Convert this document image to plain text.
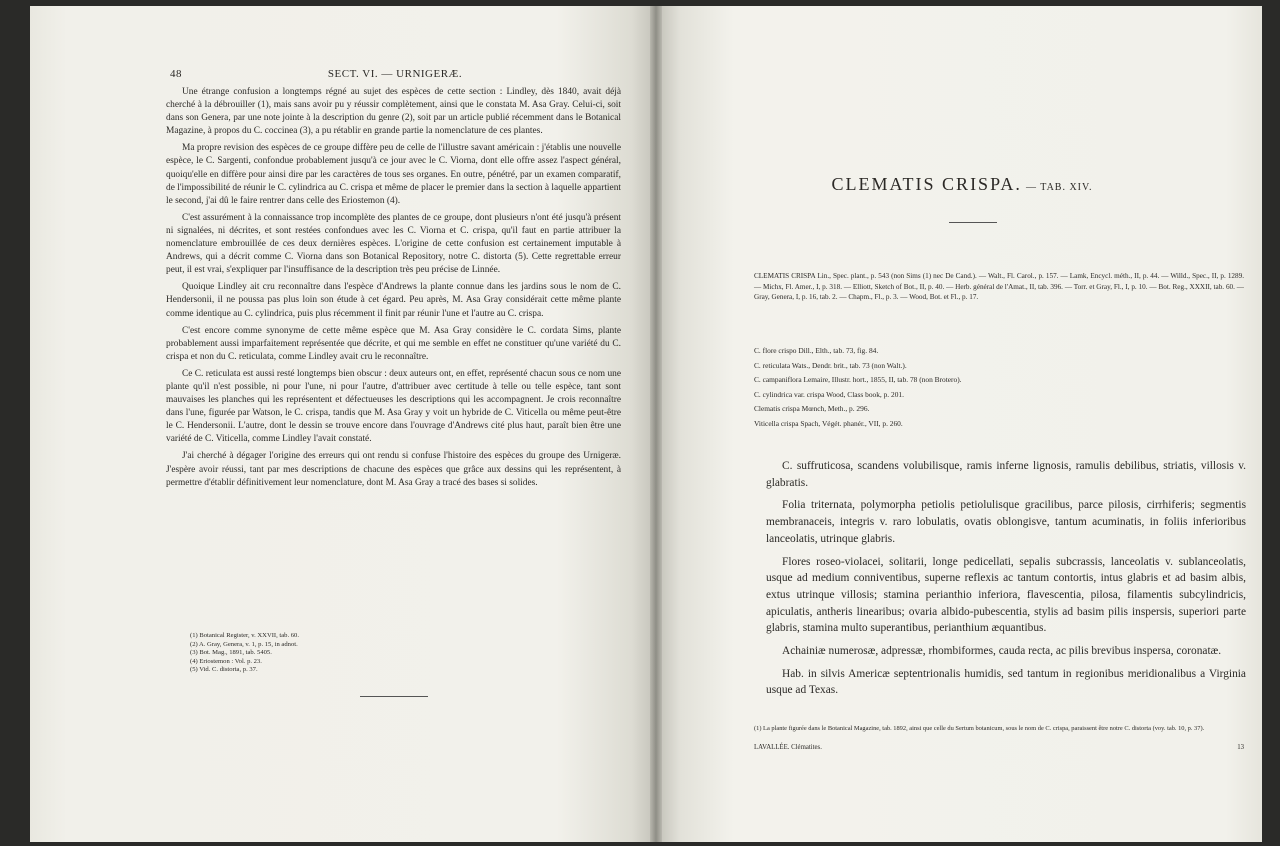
48	SECT. VI. — URNIGERÆ.

Une étrange confusion a longtemps régné au sujet des espèces de cette section : Lindley, dès 1840, avait déjà cherché à la débrouiller (1), mais sans avoir pu y réussir complètement, ainsi que le constata M. Asa Gray. Celui-ci, soit dans son Genera, par une note jointe à la description du genre (2), soit par un article publié récemment dans le Botanical Magazine, à propos du C. coccinea (3), a pu rétablir en grande partie la nomenclature de ces plantes.

Ma propre revision des espèces de ce groupe diffère peu de celle de l'illustre savant américain : j'établis une nouvelle espèce, le C. Sargenti, confondue probablement jusqu'à ce jour avec le C. Viorna, dont elle offre assez l'aspect général, quoiqu'elle en diffère pour ainsi dire par les caractères de tous ses organes. En outre, pénétré, par un examen comparatif, de l'impossibilité de réunir le C. cylindrica au C. crispa et même de placer le premier dans la section à laquelle appartient le second, j'ai dû le faire rentrer dans celle des Eriostemon (4).

C'est assurément à la connaissance trop incomplète des plantes de ce groupe, dont plusieurs n'ont été jusqu'à présent ni signalées, ni décrites, et sont restées confondues avec les C. Viorna et C. crispa, qu'il faut en partie attribuer la nomenclature embrouillée de ces deux dernières espèces. L'origine de cette confusion est certainement imputable à Andrews, qui a décrit comme C. Viorna dans son Botanical Repository, notre C. distorta (5). Cette regrettable erreur peut, il est vrai, s'expliquer par l'insuffisance de la description très peu précise de Linnée.

Quoique Lindley ait cru reconnaître dans l'espèce d'Andrews la plante connue dans les jardins sous le nom de C. Hendersonii, il ne poussa pas plus loin son étude à cet égard. Peu après, M. Asa Gray considérait cette même plante comme identique au C. cylindrica, puis plus récemment il finit par réunir l'une et l'autre au C. crispa.

C'est encore comme synonyme de cette même espèce que M. Asa Gray considère le C. cordata Sims, plante probablement aussi imparfaitement représentée que décrite, et qui me semble en effet ne constituer qu'une variété du C. crispa et non du C. reticulata, comme Lindley avait cru le reconnaître.

Ce C. reticulata est aussi resté longtemps bien obscur : deux auteurs ont, en effet, représenté chacun sous ce nom une plante qu'il n'est possible, ni pour l'une, ni pour l'autre, d'attribuer avec certitude à telle ou telle espèce, tant sont mauvaises les planches qui les représentent et défectueuses les descriptions qui les accompagnent. Je crois reconnaître dans l'une, figurée par Watson, le C. crispa, tandis que M. Asa Gray y voit un hybride de C. Viticella ou même peut-être le C. Hendersonii. L'autre, dont le dessin se trouve encore dans l'ouvrage d'Andrews cité plus haut, paraît bien être une variété de C. Viticella, comme Lindley l'avait constaté.

J'ai cherché à dégager l'origine des erreurs qui ont rendu si confuse l'histoire des espèces du groupe des Urnigeræ. J'espère avoir réussi, tant par mes descriptions de chacune des espèces que grâce aux dessins qui les représentent, à permettre d'établir définitivement leur nomenclature, dont M. Asa Gray a tracé des bases si solides.

(1) Botanical Register, v. XXVII, tab. 60.
(2) A. Gray, Genera, v. 1, p. 15, in adnot.
(3) Bot. Mag., 1891, tab. 5405.
(4) Eriostemon : Vol. p. 23.
(5) Vid. C. distorta, p. 37.
CLEMATIS CRISPA. — TAB. XIV.
CLEMATIS CRISPA Lin., Spec. plant., p. 543 (non Sims (1) nec De Cand.). — Walt., Fl. Carol., p. 157. — Lamk, Encycl. méth., II, p. 44. — Willd., Spec., II, p. 1289. — Michx, Fl. Amer., I, p. 318. — Elliott, Sketch of Bot., II, p. 40. — Herb. général de l'Amat., II, tab. 396. — Torr. et Gray, Fl., I, p. 10. — Bot. Reg., XXXII, tab. 60. — Gray, Genera, I, p. 16, tab. 2. — Chapm., Fl., p. 3. — Wood, Bot. et Fl., p. 17.
C. flore crispo Dill., Elth., tab. 73, fig. 84.
C. reticulata Wats., Dendr. brit., tab. 73 (non Walt.).
C. campaniflora Lemaire, Illustr. hort., 1855, II, tab. 78 (non Brotero).
C. cylindrica var. crispa Wood, Class book, p. 201.
Clematis crispa Mœnch, Meth., p. 296.
Viticella crispa Spach, Végét. phanér., VII, p. 260.

C. suffruticosa, scandens volubilisque, ramis inferne lignosis, ramulis debilibus, striatis, villosis v. glabratis.

Folia triternata, polymorpha petiolis petiolulisque gracilibus, parce pilosis, cirrhiferis; segmentis membranaceis, integris v. raro lobulatis, ovatis oblongisve, tantum acuminatis, in foliis inferioribus lanceolatis, utrinque glabris.

Flores roseo-violacei, solitarii, longe pedicellati, sepalis subcrassis, lanceolatis v. sublanceolatis, usque ad medium conniventibus, superne reflexis ac tantum contortis, intus glabris et ad basim albis, extus utrinque villosis; stamina perianthio inferiora, flavescentia, pilosa, filamentis subcylindricis, apiculatis, antheris linearibus; ovaria albido-pubescentia, stylis ad basim pilis inspersis, superiori parte glabris, stamina multo superantibus, perianthium æquantibus.

Achainiæ numerosæ, adpressæ, rhombiformes, cauda recta, ac pilis brevibus inspersa, coronatæ.

Hab. in silvis Americæ septentrionalis humidis, sed tantum in regionibus meridionalibus a Virginia usque ad Texas.

(1) La plante figurée dans le Botanical Magazine, tab. 1892, ainsi que celle du Sertum botanicum, sous le nom de C. crispa, paraissent être notre C. distorta (voy. tab. 10, p. 37).
LAVALLÉE. Clématites.	13
